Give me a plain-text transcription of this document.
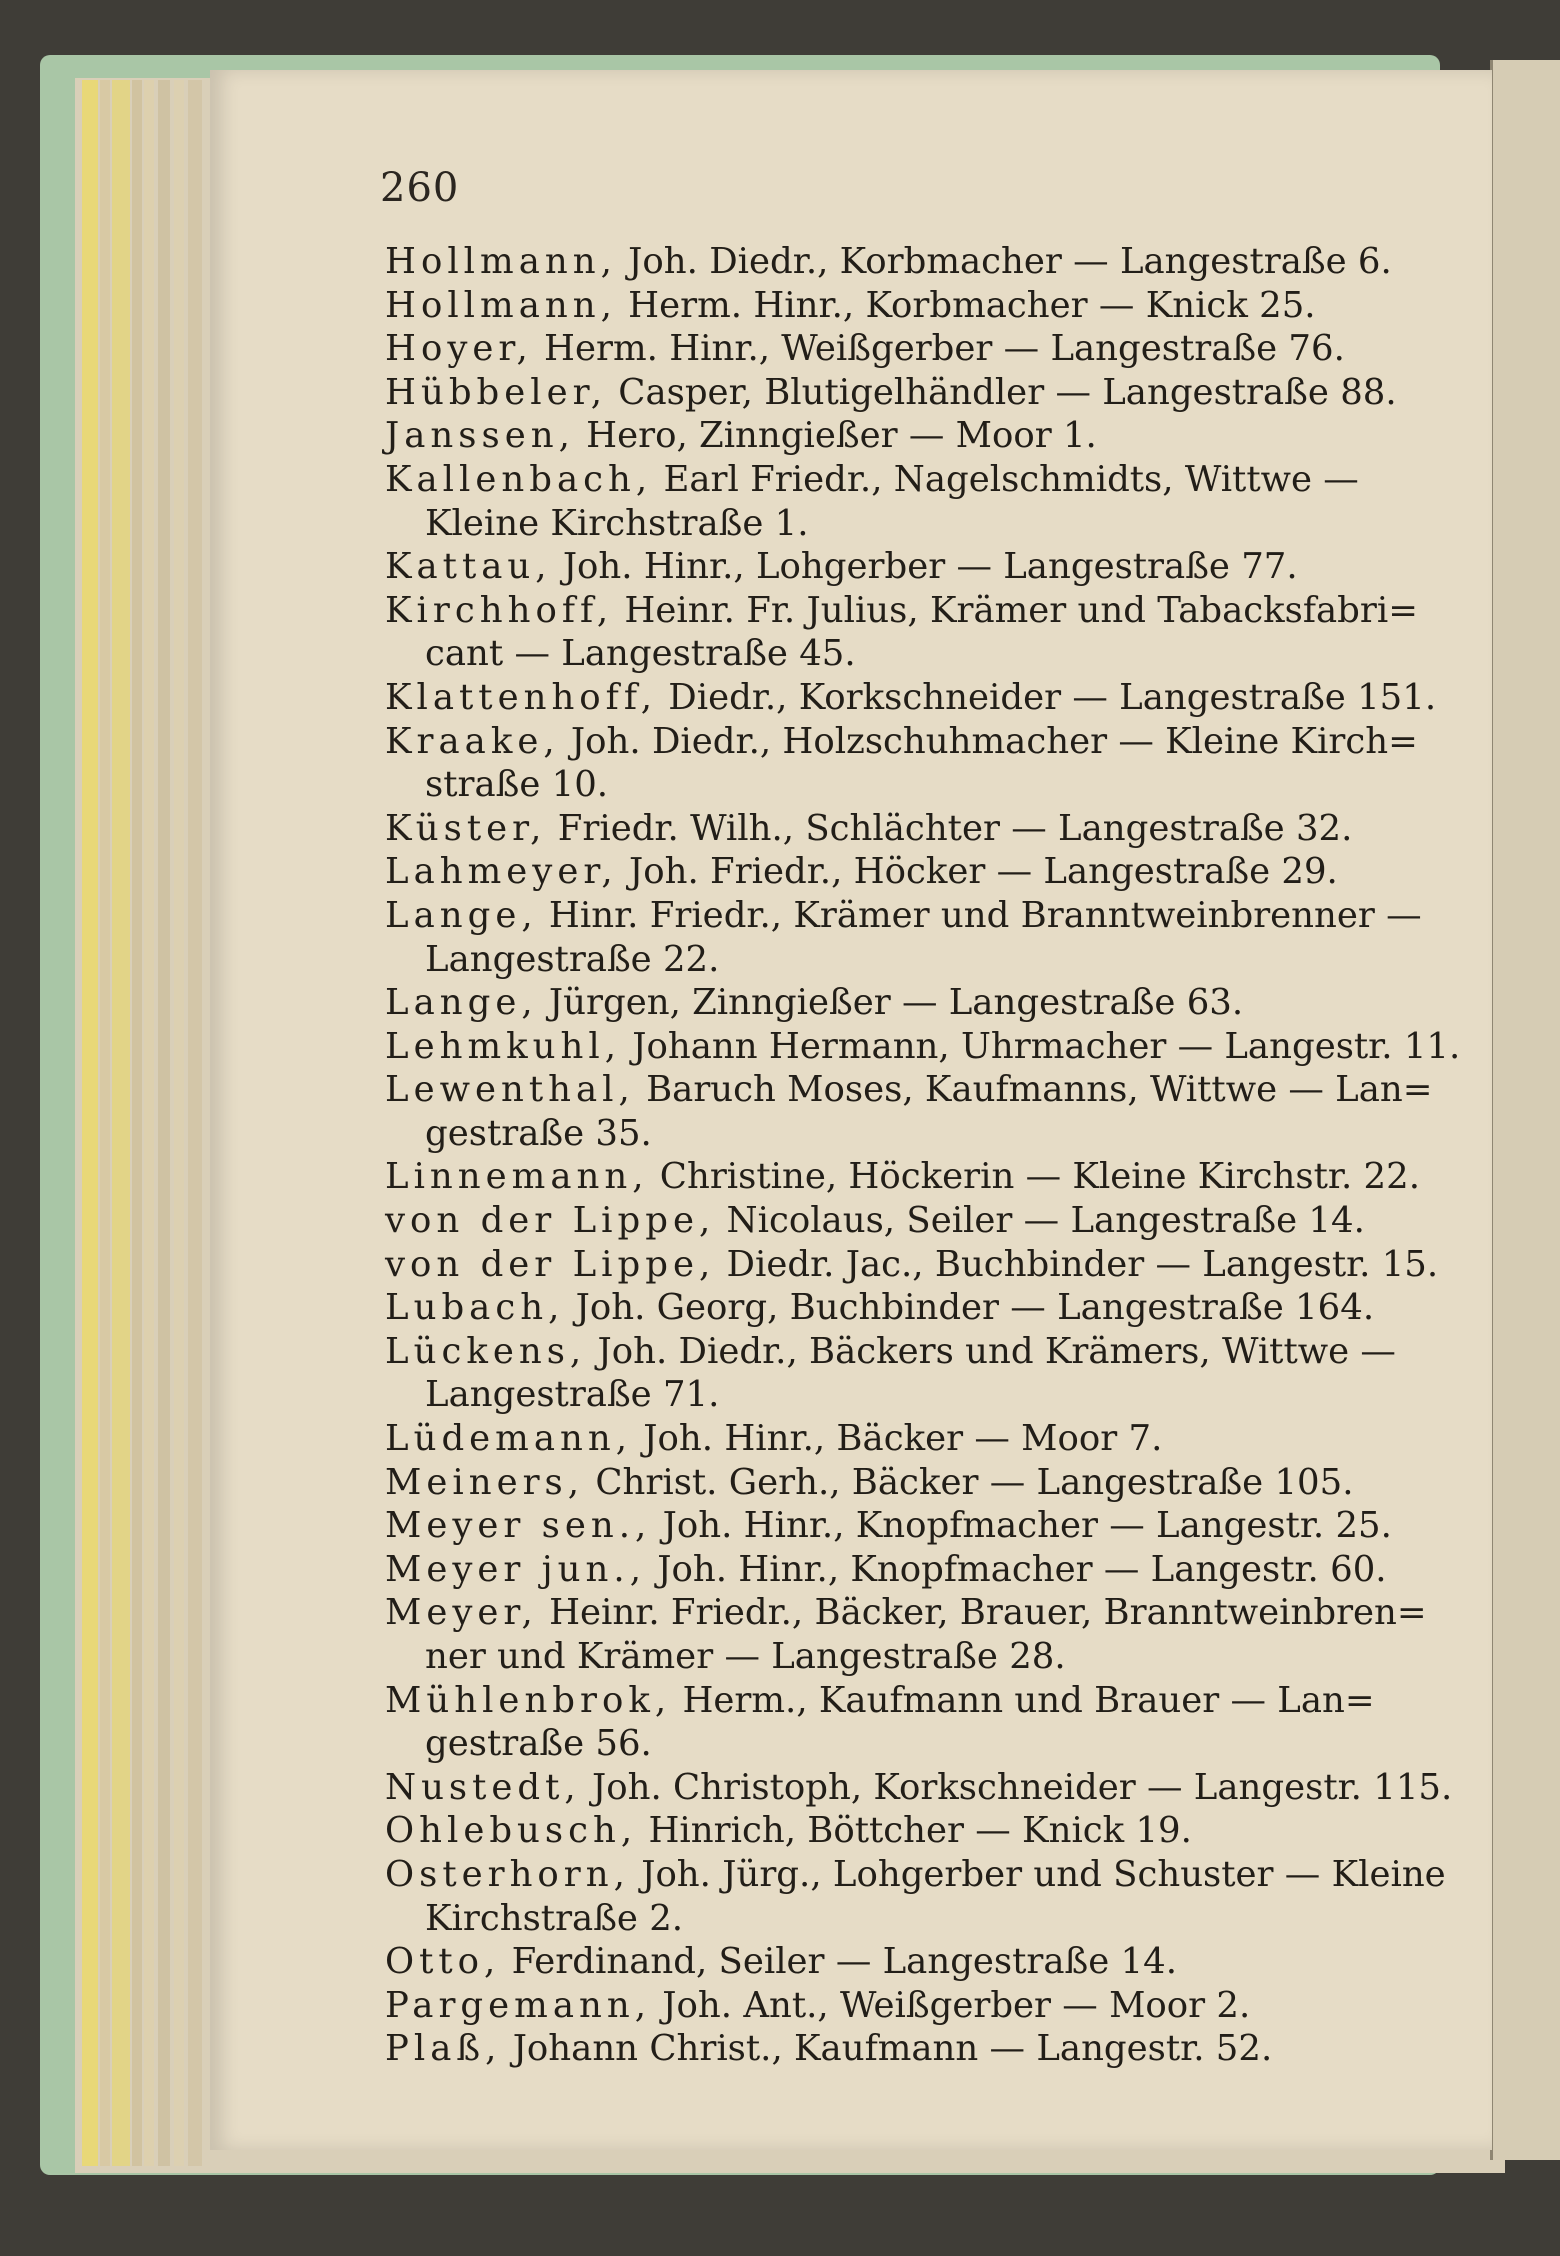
260
Hollmann, Joh. Diedr., Korbmacher — Langestraße 6.
Hollmann, Herm. Hinr., Korbmacher — Knick 25.
Hoyer, Herm. Hinr., Weißgerber — Langestraße 76.
Hübbeler, Casper, Blutigelhändler — Langestraße 88.
Janssen, Hero, Zinngießer — Moor 1.
Kallenbach, Earl Friedr., Nagelschmidts, Wittwe —
Kleine Kirchstraße 1.
Kattau, Joh. Hinr., Lohgerber — Langestraße 77.
Kirchhoff, Heinr. Fr. Julius, Krämer und Tabacksfabri=
cant — Langestraße 45.
Klattenhoff, Diedr., Korkschneider — Langestraße 151.
Kraake, Joh. Diedr., Holzschuhmacher — Kleine Kirch=
straße 10.
Küster, Friedr. Wilh., Schlächter — Langestraße 32.
Lahmeyer, Joh. Friedr., Höcker — Langestraße 29.
Lange, Hinr. Friedr., Krämer und Branntweinbrenner —
Langestraße 22.
Lange, Jürgen, Zinngießer — Langestraße 63.
Lehmkuhl, Johann Hermann, Uhrmacher — Langestr. 11.
Lewenthal, Baruch Moses, Kaufmanns, Wittwe — Lan=
gestraße 35.
Linnemann, Christine, Höckerin — Kleine Kirchstr. 22.
von der Lippe, Nicolaus, Seiler — Langestraße 14.
von der Lippe, Diedr. Jac., Buchbinder — Langestr. 15.
Lubach, Joh. Georg, Buchbinder — Langestraße 164.
Lückens, Joh. Diedr., Bäckers und Krämers, Wittwe —
Langestraße 71.
Lüdemann, Joh. Hinr., Bäcker — Moor 7.
Meiners, Christ. Gerh., Bäcker — Langestraße 105.
Meyer sen., Joh. Hinr., Knopfmacher — Langestr. 25.
Meyer jun., Joh. Hinr., Knopfmacher — Langestr. 60.
Meyer, Heinr. Friedr., Bäcker, Brauer, Branntweinbren=
ner und Krämer — Langestraße 28.
Mühlenbrok, Herm., Kaufmann und Brauer — Lan=
gestraße 56.
Nustedt, Joh. Christoph, Korkschneider — Langestr. 115.
Ohlebusch, Hinrich, Böttcher — Knick 19.
Osterhorn, Joh. Jürg., Lohgerber und Schuster — Kleine
Kirchstraße 2.
Otto, Ferdinand, Seiler — Langestraße 14.
Pargemann, Joh. Ant., Weißgerber — Moor 2.
Plaß, Johann Christ., Kaufmann — Langestr. 52.
